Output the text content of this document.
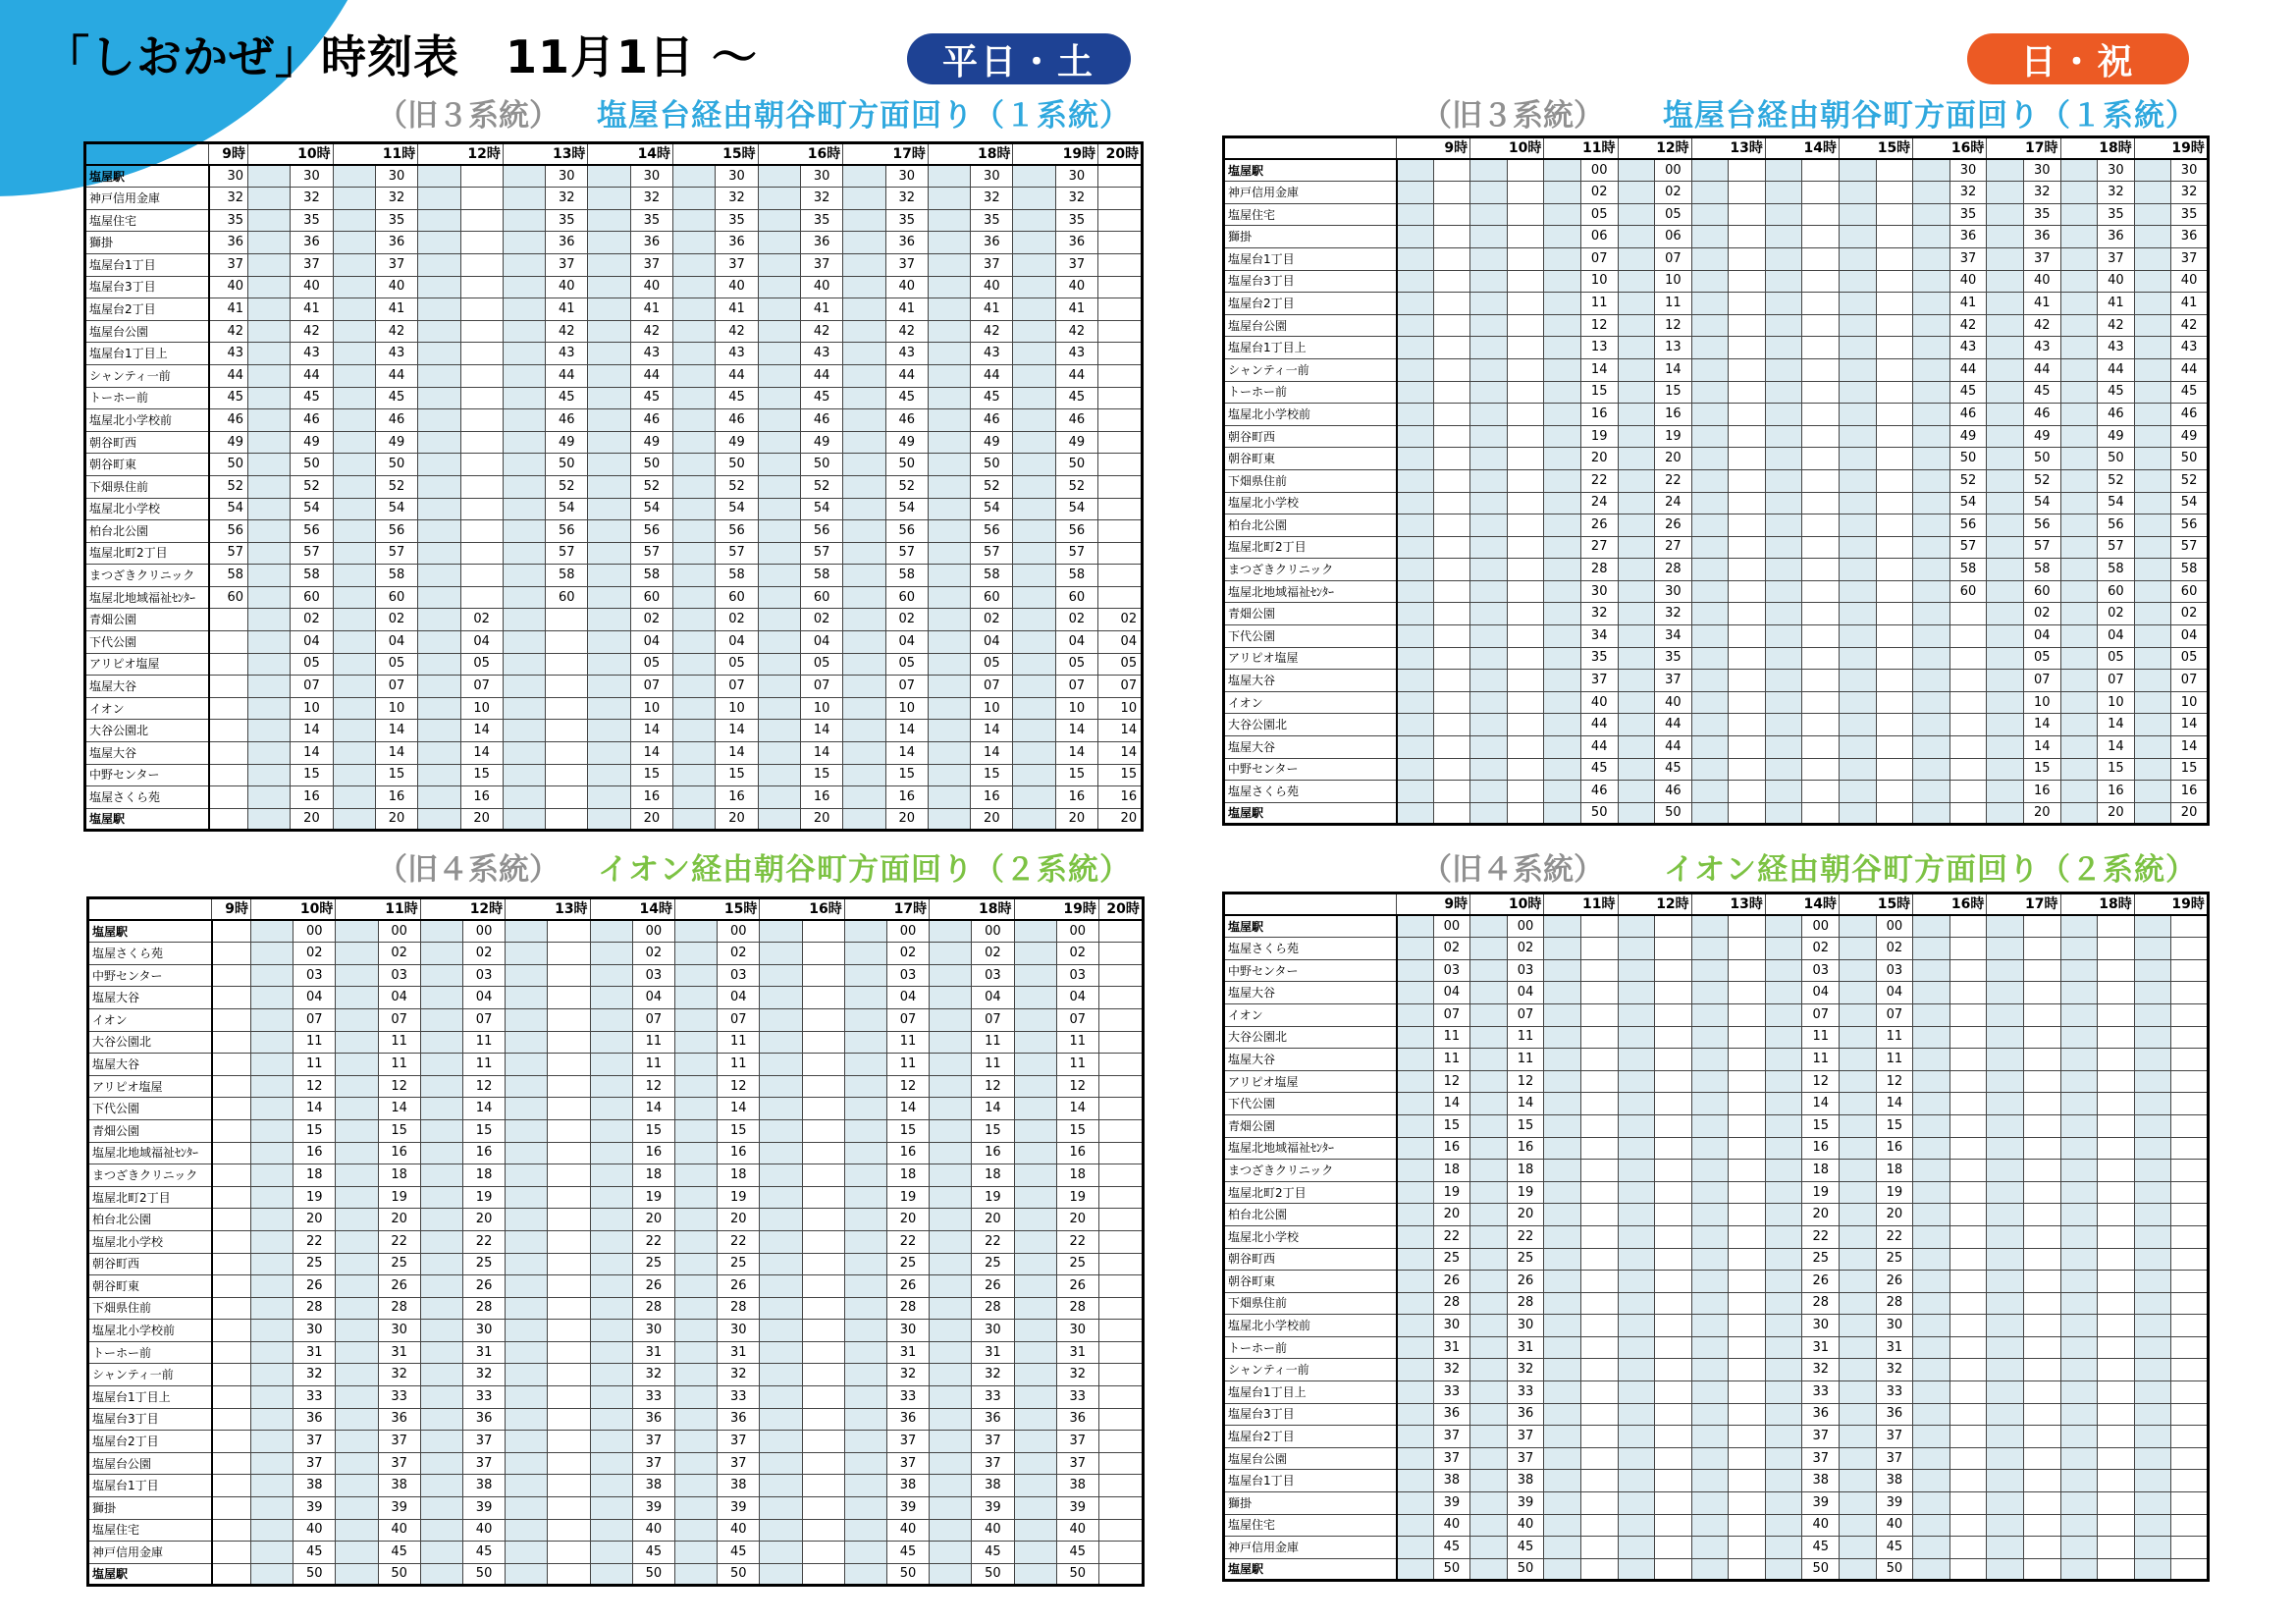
「しおかぜ」時刻表　11月1日 ～	平日・土	日・祝
（旧３系統） 塩屋台経由朝谷町方面回り（１系統）	（旧３系統） 塩屋台経由朝谷町方面回り（１系統）
（旧４系統） イオン経由朝谷町方面回り（２系統）	（旧４系統） イオン経由朝谷町方面回り（２系統）
	9時	10時		11時		12時		13時		14時		15時		16時		17時		18時		19時		20時
塩屋駅	30		30		30				30		30		30		30		30		30		30	
神戸信用金庫	32		32		32				32		32		32		32		32		32		32	
塩屋住宅	35		35		35				35		35		35		35		35		35		35	
獅掛	36		36		36				36		36		36		36		36		36		36	
塩屋台1丁目	37		37		37				37		37		37		37		37		37		37	
塩屋台3丁目	40		40		40				40		40		40		40		40		40		40	
塩屋台2丁目	41		41		41				41		41		41		41		41		41		41	
塩屋台公園	42		42		42				42		42		42		42		42		42		42	
塩屋台1丁目上	43		43		43				43		43		43		43		43		43		43	
シャンティ一前	44		44		44				44		44		44		44		44		44		44	
トーホー前	45		45		45				45		45		45		45		45		45		45	
塩屋北小学校前	46		46		46				46		46		46		46		46		46		46	
朝谷町西	49		49		49				49		49		49		49		49		49		49	
朝谷町東	50		50		50				50		50		50		50		50		50		50	
下畑県住前	52		52		52				52		52		52		52		52		52		52	
塩屋北小学校	54		54		54				54		54		54		54		54		54		54	
柏台北公園	56		56		56				56		56		56		56		56		56		56	
塩屋北町2丁目	57		57		57				57		57		57		57		57		57		57	
まつざきクリニック	58		58		58				58		58		58		58		58		58		58	
塩屋北地域福祉ｾﾝﾀｰ	60		60		60				60		60		60		60		60		60		60	
青畑公園			02		02		02				02		02		02		02		02		02	02
下代公園			04		04		04				04		04		04		04		04		04	04
アリピオ塩屋			05		05		05				05		05		05		05		05		05	05
塩屋大谷			07		07		07				07		07		07		07		07		07	07
イオン			10		10		10				10		10		10		10		10		10	10
大谷公園北			14		14		14				14		14		14		14		14		14	14
塩屋大谷			14		14		14				14		14		14		14		14		14	14
中野センター			15		15		15				15		15		15		15		15		15	15
塩屋さくら苑			16		16		16				16		16		16		16		16		16	16
塩屋駅			20		20		20				20		20		20		20		20		20	20
	9時		10時		11時		12時		13時		14時		15時		16時		17時		18時		19時	
塩屋駅						00		00								30		30		30		30
神戸信用金庫						02		02								32		32		32		32
塩屋住宅						05		05								35		35		35		35
獅掛						06		06								36		36		36		36
塩屋台1丁目						07		07								37		37		37		37
塩屋台3丁目						10		10								40		40		40		40
塩屋台2丁目						11		11								41		41		41		41
塩屋台公園						12		12								42		42		42		42
塩屋台1丁目上						13		13								43		43		43		43
シャンティ一前						14		14								44		44		44		44
トーホー前						15		15								45		45		45		45
塩屋北小学校前						16		16								46		46		46		46
朝谷町西						19		19								49		49		49		49
朝谷町東						20		20								50		50		50		50
下畑県住前						22		22								52		52		52		52
塩屋北小学校						24		24								54		54		54		54
柏台北公園						26		26								56		56		56		56
塩屋北町2丁目						27		27								57		57		57		57
まつざきクリニック						28		28								58		58		58		58
塩屋北地域福祉ｾﾝﾀｰ						30		30								60		60		60		60
青畑公園						32		32										02		02		02
下代公園						34		34										04		04		04
アリピオ塩屋						35		35										05		05		05
塩屋大谷						37		37										07		07		07
イオン						40		40										10		10		10
大谷公園北						44		44										14		14		14
塩屋大谷						44		44										14		14		14
中野センター						45		45										15		15		15
塩屋さくら苑						46		46										16		16		16
塩屋駅						50		50										20		20		20
	9時	10時		11時		12時		13時		14時		15時		16時		17時		18時		19時		20時
塩屋駅			00		00		00				00		00				00		00		00	
塩屋さくら苑			02		02		02				02		02				02		02		02	
中野センター			03		03		03				03		03				03		03		03	
塩屋大谷			04		04		04				04		04				04		04		04	
イオン			07		07		07				07		07				07		07		07	
大谷公園北			11		11		11				11		11				11		11		11	
塩屋大谷			11		11		11				11		11				11		11		11	
アリピオ塩屋			12		12		12				12		12				12		12		12	
下代公園			14		14		14				14		14				14		14		14	
青畑公園			15		15		15				15		15				15		15		15	
塩屋北地域福祉ｾﾝﾀｰ			16		16		16				16		16				16		16		16	
まつざきクリニック			18		18		18				18		18				18		18		18	
塩屋北町2丁目			19		19		19				19		19				19		19		19	
柏台北公園			20		20		20				20		20				20		20		20	
塩屋北小学校			22		22		22				22		22				22		22		22	
朝谷町西			25		25		25				25		25				25		25		25	
朝谷町東			26		26		26				26		26				26		26		26	
下畑県住前			28		28		28				28		28				28		28		28	
塩屋北小学校前			30		30		30				30		30				30		30		30	
トーホー前			31		31		31				31		31				31		31		31	
シャンティ一前			32		32		32				32		32				32		32		32	
塩屋台1丁目上			33		33		33				33		33				33		33		33	
塩屋台3丁目			36		36		36				36		36				36		36		36	
塩屋台2丁目			37		37		37				37		37				37		37		37	
塩屋台公園			37		37		37				37		37				37		37		37	
塩屋台1丁目			38		38		38				38		38				38		38		38	
獅掛			39		39		39				39		39				39		39		39	
塩屋住宅			40		40		40				40		40				40		40		40	
神戸信用金庫			45		45		45				45		45				45		45		45	
塩屋駅			50		50		50				50		50				50		50		50	
	9時		10時		11時		12時		13時		14時		15時		16時		17時		18時		19時	
塩屋駅		00		00								00		00								
塩屋さくら苑		02		02								02		02								
中野センター		03		03								03		03								
塩屋大谷		04		04								04		04								
イオン		07		07								07		07								
大谷公園北		11		11								11		11								
塩屋大谷		11		11								11		11								
アリピオ塩屋		12		12								12		12								
下代公園		14		14								14		14								
青畑公園		15		15								15		15								
塩屋北地域福祉ｾﾝﾀｰ		16		16								16		16								
まつざきクリニック		18		18								18		18								
塩屋北町2丁目		19		19								19		19								
柏台北公園		20		20								20		20								
塩屋北小学校		22		22								22		22								
朝谷町西		25		25								25		25								
朝谷町東		26		26								26		26								
下畑県住前		28		28								28		28								
塩屋北小学校前		30		30								30		30								
トーホー前		31		31								31		31								
シャンティ一前		32		32								32		32								
塩屋台1丁目上		33		33								33		33								
塩屋台3丁目		36		36								36		36								
塩屋台2丁目		37		37								37		37								
塩屋台公園		37		37								37		37								
塩屋台1丁目		38		38								38		38								
獅掛		39		39								39		39								
塩屋住宅		40		40								40		40								
神戸信用金庫		45		45								45		45								
塩屋駅		50		50								50		50								
